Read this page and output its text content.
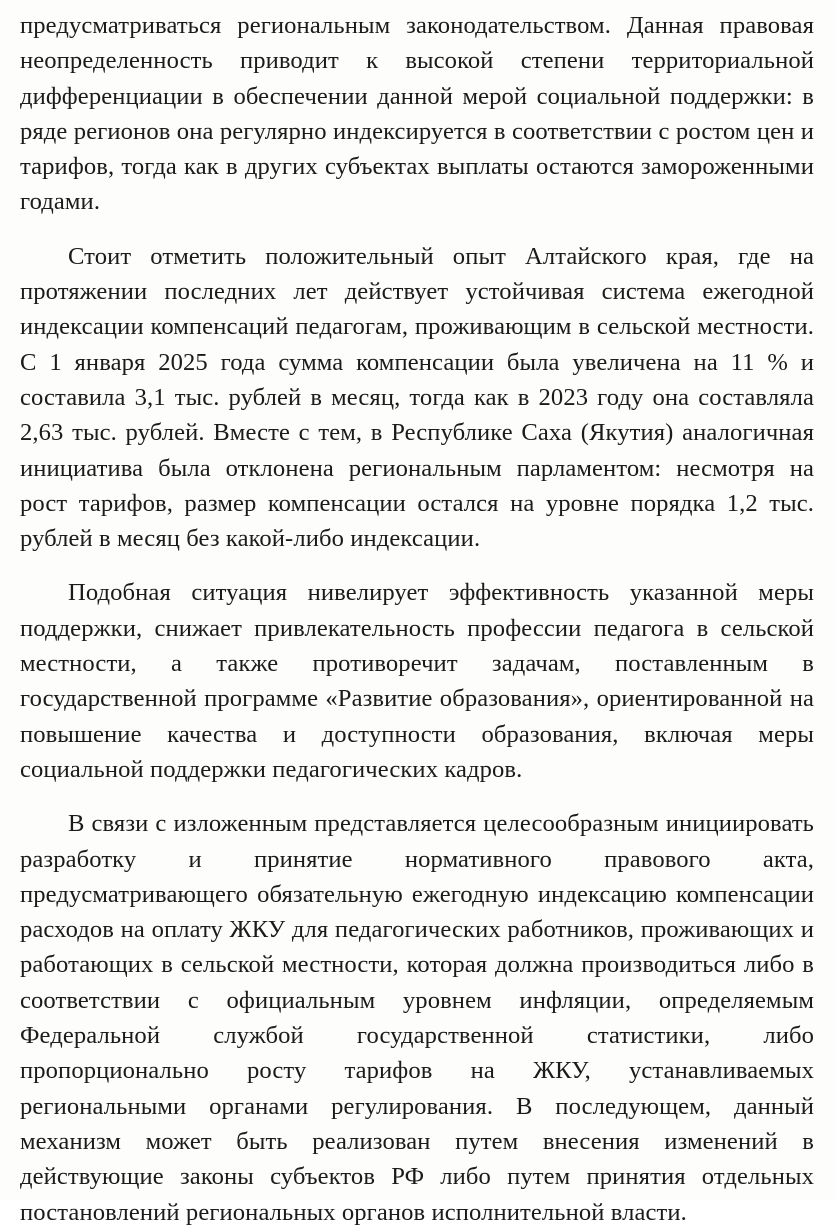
предусматриваться региональным законодательством. Данная правовая неопределенность приводит к высокой степени территориальной дифференциации в обеспечении данной мерой социальной поддержки: в ряде регионов она регулярно индексируется в соответствии с ростом цен и тарифов, тогда как в других субъектах выплаты остаются замороженными годами.

Стоит отметить положительный опыт Алтайского края, где на протяжении последних лет действует устойчивая система ежегодной индексации компенсаций педагогам, проживающим в сельской местности. С 1 января 2025 года сумма компенсации была увеличена на 11 % и составила 3,1 тыс. рублей в месяц, тогда как в 2023 году она составляла 2,63 тыс. рублей. Вместе с тем, в Республике Саха (Якутия) аналогичная инициатива была отклонена региональным парламентом: несмотря на рост тарифов, размер компенсации остался на уровне порядка 1,2 тыс. рублей в месяц без какой-либо индексации.

Подобная ситуация нивелирует эффективность указанной меры поддержки, снижает привлекательность профессии педагога в сельской местности, а также противоречит задачам, поставленным в государственной программе «Развитие образования», ориентированной на повышение качества и доступности образования, включая меры социальной поддержки педагогических кадров.

В связи с изложенным представляется целесообразным инициировать разработку и принятие нормативного правового акта, предусматривающего обязательную ежегодную индексацию компенсации расходов на оплату ЖКУ для педагогических работников, проживающих и работающих в сельской местности, которая должна производиться либо в соответствии с официальным уровнем инфляции, определяемым Федеральной службой государственной статистики, либо пропорционально росту тарифов на ЖКУ, устанавливаемых региональными органами регулирования. В последующем, данный механизм может быть реализован путем внесения изменений в действующие законы субъектов РФ либо путем принятия отдельных постановлений региональных органов исполнительной власти.
